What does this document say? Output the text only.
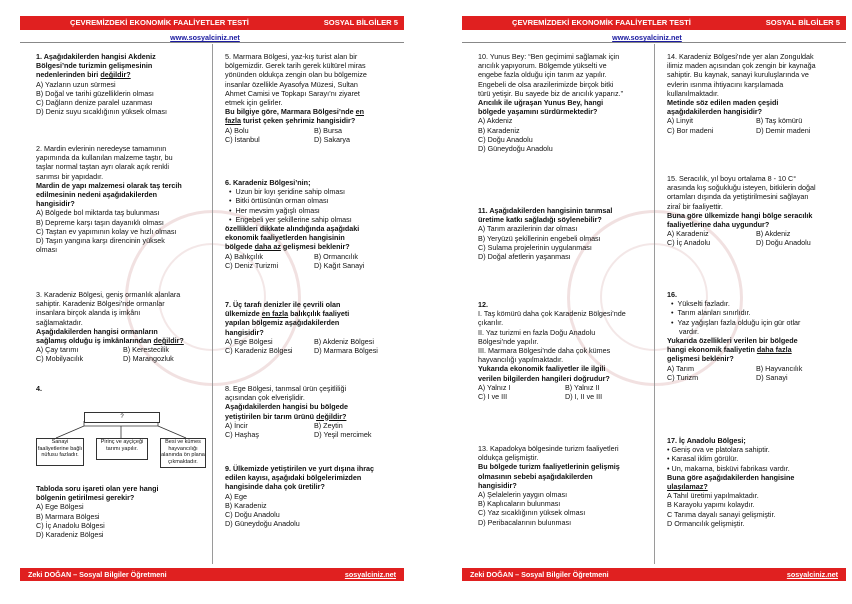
ÇEVREMİZDEKİ EKONOMİK FAALİYETLER TESTİ	SOSYAL BİLGİLER 5
www.sosyalciniz.net
1. Aşağıdakilerden hangisi Akdeniz
Bölgesi’nde turizmin gelişmesinin
nedenlerinden biri değildir?
A) Yazların uzun sürmesi
B) Doğal ve tarihi güzelliklerin olması
C) Dağların denize paralel uzanması
D) Deniz suyu sıcaklığının yüksek olması
2. Mardin evlerinin neredeyse tamamının
yapımında da kullanılan malzeme taştır, bu
taşlar normal taştan ayrı olarak açık renkli
sarımsı bir yapıdadır.
Mardin de yapı malzemesi olarak taş tercih
edilmesinin nedeni aşağıdakilerden
hangisidir?
A) Bölgede bol miktarda taş bulunması
B) Depreme karşı taşın dayanıklı olması
C) Taştan ev yapımının kolay ve hızlı olması
D) Taşın yangına karşı direncinin yüksek
olması
3. Karadeniz Bölgesi, geniş ormanlık alanlara
sahiptir. Karadeniz Bölgesi’nde ormanlar
insanlara birçok alanda iş imkânı
sağlamaktadır.
Aşağıdakilerden hangisi ormanların
sağlamış olduğu iş imkânlarından değildir?
A) Çay tarımı	B) Kerestecilik
C) Mobilyacılık	D) Marangozluk
4.
?
Sanayi faaliyetlerine bağlı nüfusu fazladır.
Pirinç ve ayçiçeği tarımı yapılır.
Besi ve kümes hayvancılığı alanında ön plana çıkmaktadır.
Tabloda soru işareti olan yere hangi
bölgenin getirilmesi gerekir?
A) Ege Bölgesi
B) Marmara Bölgesi
C) İç Anadolu Bölgesi
D) Karadeniz Bölgesi
5. Marmara Bölgesi, yaz-kış turist alan bir
bölgemizdir. Gerek tarih gerek kültürel miras
yönünden oldukça zengin olan bu bölgemize
insanlar özellikle Ayasofya Müzesi, Sultan
Ahmet Camisi ve Topkapı Sarayı’nı ziyaret
etmek için gelirler.
Bu bilgiye göre, Marmara Bölgesi’nde en
fazla turist çeken şehrimiz hangisidir?
A) Bolu	B) Bursa
C) İstanbul	D) Sakarya
6. Karadeniz Bölgesi’nin;
•  Uzun bir kıyı şeridine sahip olması
•  Bitki örtüsünün orman olması
•  Her mevsim yağışlı olması
•  Engebeli yer şekillerine sahip olması
özellikleri dikkate alındığında aşağıdaki
ekonomik faaliyetlerden hangisinin
bölgede daha az gelişmesi beklenir?
A) Balıkçılık	B) Ormancılık
C) Deniz Turizmi	D) Kağıt Sanayi
7. Üç tarafı denizler ile çevrili olan
ülkemizde en fazla balıkçılık faaliyeti
yapılan bölgemiz aşağıdakilerden
hangisidir?
A) Ege Bölgesi	B) Akdeniz Bölgesi
C) Karadeniz Bölgesi	D) Marmara Bölgesi
8. Ege Bölgesi, tarımsal ürün çeşitliliği
açısından çok elverişlidir.
Aşağıdakilerden hangisi bu bölgede
yetiştirilen bir tarım ürünü değildir?
A) İncir	B) Zeytin
C) Haşhaş	D) Yeşil mercimek
9. Ülkemizde yetiştirilen ve yurt dışına ihraç
edilen kayısı, aşağıdaki bölgelerimizden
hangisinde daha çok üretilir?
A) Ege
B) Karadeniz
C) Doğu Anadolu
D) Güneydoğu Anadolu
Zeki DOĞAN – Sosyal Bilgiler Öğretmeni	sosyalciniz.net
ÇEVREMİZDEKİ EKONOMİK FAALİYETLER TESTİ	SOSYAL BİLGİLER 5
www.sosyalciniz.net
10. Yunus Bey: “Ben geçimimi sağlamak için
arıcılık yapıyorum. Bölgemde yükselti ve
engebe fazla olduğu için tarım az yapılır.
Engebeli de olsa arazilerimizde birçok bitki
türü yetişir. Bu sayede biz de arıcılık yaparız.”
Arıcılık ile uğraşan Yunus Bey, hangi
bölgede yaşamını sürdürmektedir?
A) Akdeniz
B) Karadeniz
C) Doğu Anadolu
D) Güneydoğu Anadolu
11. Aşağıdakilerden hangisinin tarımsal
üretime katkı sağladığı söylenebilir?
A) Tarım arazilerinin dar olması
B) Yeryüzü şekillerinin engebeli olması
C) Sulama projelerinin uygulanması
D) Doğal afetlerin yaşanması
12.
I. Taş kömürü daha çok Karadeniz Bölgesi’nde
çıkarılır.
II. Yaz turizmi en fazla Doğu Anadolu
Bölgesi’nde yapılır.
III. Marmara Bölgesi’nde daha çok kümes
hayvancılığı yapılmaktadır.
Yukarıda ekonomik faaliyetler ile ilgili
verilen bilgilerden hangileri doğrudur?
A) Yalnız I	B) Yalnız II
C) I ve III	D) I, II ve III
13. Kapadokya bölgesinde turizm faaliyetleri
oldukça gelişmiştir.
Bu bölgede turizm faaliyetlerinin gelişmiş
olmasının sebebi aşağıdakilerden
hangisidir?
A) Şelalelerin yaygın olması
B) Kaplıcaların bulunması
C) Yaz sıcaklığının yüksek olması
D) Peribacalarının bulunması
14. Karadeniz Bölgesi’nde yer alan Zonguldak
ilimiz maden açısından çok zengin bir kaynağa
sahiptir. Bu kaynak, sanayi kuruluşlarında ve
evlerin ısınma ihtiyacını karşılamada
kullanılmaktadır.
Metinde söz edilen maden çeşidi
aşağıdakilerden hangisidir?
A) Linyit	B) Taş kömürü
C) Bor madeni	D) Demir madeni
15. Seracılık, yıl boyu ortalama 8 - 10 C°
arasında kış soğukluğu isteyen, bitkilerin doğal
ortamları dışında da yetiştirilmesini sağlayan
ziraî bir faaliyettir.
Buna göre ülkemizde hangi bölge seracılık
faaliyetlerine daha uygundur?
A) Karadeniz	B) Akdeniz
C) İç Anadolu	D) Doğu Anadolu
16.
•  Yükselti fazladır.
•  Tarım alanları sınırlıdır.
•  Yaz yağışları fazla olduğu için gür otlar
vardır.
Yukarıda özellikleri verilen bir bölgede
hangi ekonomik faaliyetin daha fazla
gelişmesi beklenir?
A) Tarım	B) Hayvancılık
C) Turizm	D) Sanayi
17. İç Anadolu Bölgesi;
• Geniş ova ve platolara sahiptir.
• Karasal iklim görülür.
• Un, makarna, bisküvi fabrikası vardır.
Buna göre aşağıdakilerden hangisine
ulaşılamaz?
A Tahıl üretimi yapılmaktadır.
B Karayolu yapımı kolaydır.
C Tarıma dayalı sanayi gelişmiştir.
D Ormancılık gelişmiştir.
Zeki DOĞAN – Sosyal Bilgiler Öğretmeni	sosyalciniz.net
